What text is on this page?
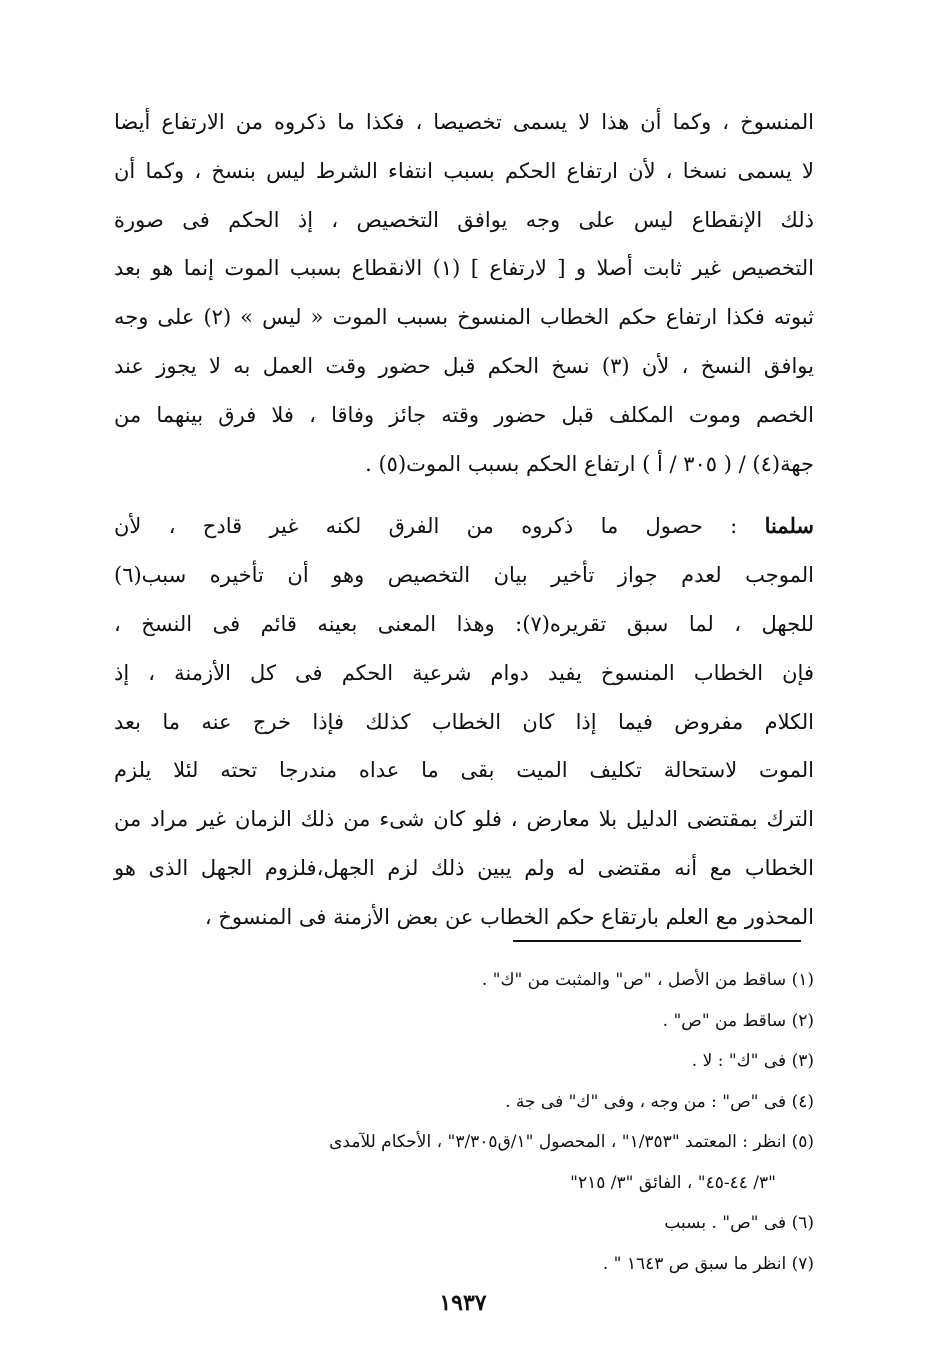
المنسوخ ، وكما أن هذا لا يسمى تخصيصا ، فكذا ما ذكروه من الارتفاع أيضا
لا يسمى نسخا ، لأن ارتفاع الحكم بسبب انتفاء الشرط ليس بنسخ ، وكما أن
ذلك الإنقطاع ليس على وجه يوافق التخصيص ، إذ الحكم فى صورة
التخصيص غير ثابت أصلا و [ لارتفاع ] (١) الانقطاع بسبب الموت إنما هو بعد
ثبوته فكذا ارتفاع حكم الخطاب المنسوخ بسبب الموت « ليس » (٢) على وجه
يوافق النسخ ، لأن (٣) نسخ الحكم قبل حضور وقت العمل به لا يجوز عند
الخصم وموت المكلف قبل حضور وقته جائز وفاقا ، فلا فرق بينهما من
جهة(٤) / ( ٣٠٥ / أ ) ارتفاع الحكم بسبب الموت(٥) .
سلمنا : حصول ما ذكروه من الفرق لكنه غير قادح ، لأن
الموجب لعدم جواز تأخير بيان التخصيص وهو أن تأخيره سبب(٦)
للجهل ، لما سبق تقريره(٧): وهذا المعنى بعينه قائم فى النسخ ،
فإن الخطاب المنسوخ يفيد دوام شرعية الحكم فى كل الأزمنة ، إذ
الكلام مفروض فيما إذا كان الخطاب كذلك فإذا خرج عنه ما بعد
الموت لاستحالة تكليف الميت بقى ما عداه مندرجا تحته لئلا يلزم
الترك بمقتضى الدليل بلا معارض ، فلو كان شىء من ذلك الزمان غير مراد من
الخطاب مع أنه مقتضى له ولم يبين ذلك لزم الجهل،فلزوم الجهل الذى هو
المحذور مع العلم بارتقاع حكم الخطاب عن بعض الأزمنة فى المنسوخ ،
(١) ساقط من الأصل ، "ص" والمثبت من "ك" .
(٢) ساقط من "ص" .
(٣) فى "ك" : لا .
(٤) فى "ص" : من وجه ، وفى "ك" فى جة .
(٥) انظر : المعتمد "١/٣٥٣" ، المحصول "١/ق٣/٣٠٥" ، الأحكام للآمدى
"٣/ ٤٤-٤٥" ، الفائق "٣/ ٢١٥"
(٦) فى "ص" . بسبب
(٧) انظر ما سبق ص ١٦٤٣ " .
١٩٣٧
